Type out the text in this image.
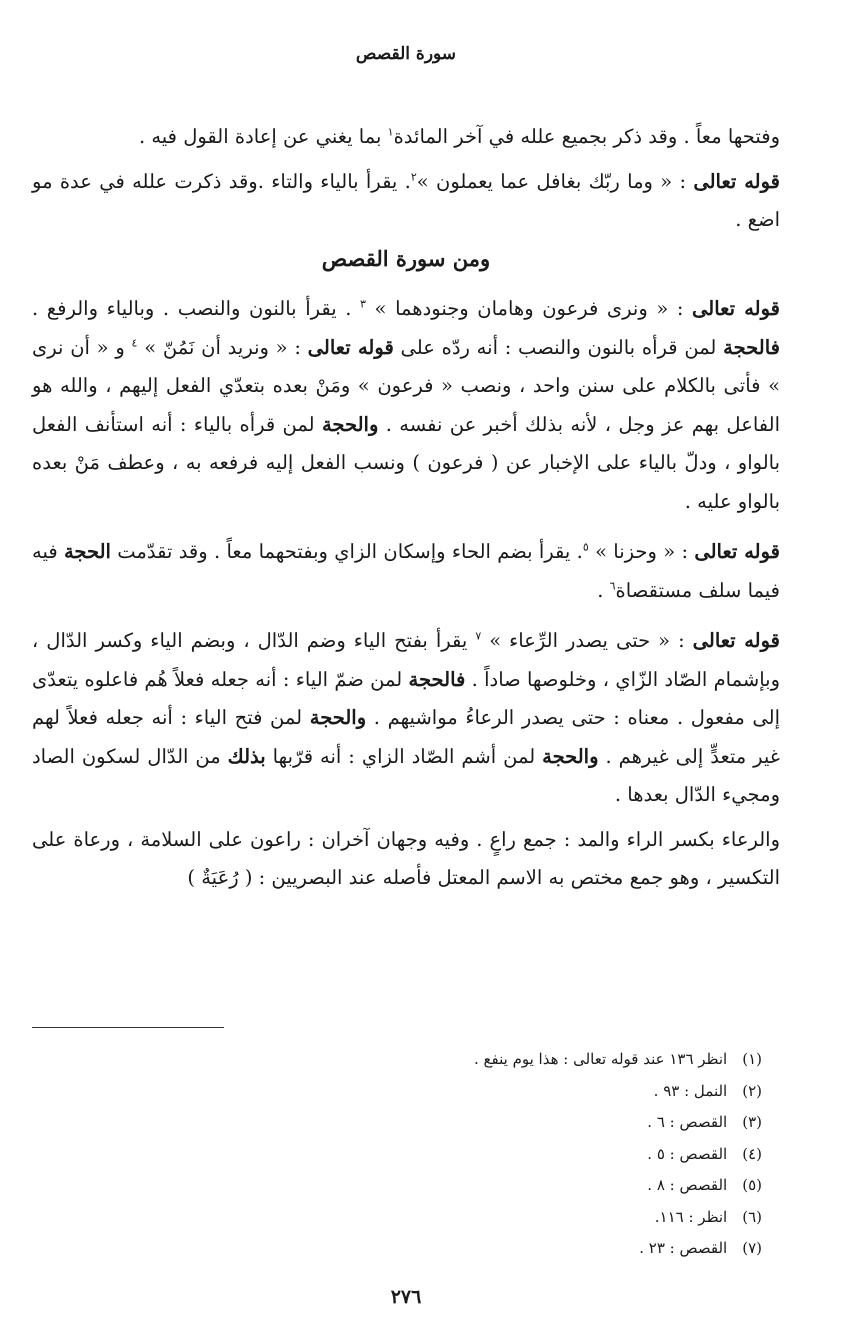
سورة القصص

وفتحها معاً . وقد ذكر بجميع علله في آخر المائدة$^١$ بما يغني عن إعادة القول فيه .

قوله تعالى : « وما ربّك بغافل عما يعملون »$^٢$. يقرأ بالياء والتاء .وقد ذكرت علله في عدة مو اضع .

ومن سورة القصص

قوله تعالى : « ونرى فرعون وهامان وجنودهما » $^٣$ . يقرأ بالنون والنصب . وبالياء والرفع . فالحجة لمن قرأه بالنون والنصب : أنه ردّه على قوله تعالى : « ونريد أن نَمُنّ » $^٤$ و « أن نرى » فأتى بالكلام على سنن واحد ، ونصب « فرعون » ومَنْ بعده بتعدّي الفعل إليهم ، والله هو الفاعل بهم عز وجل ، لأنه بذلك أخبر عن نفسه . والحجة لمن قرأه بالياء : أنه استأنف الفعل بالواو ، ودلّ بالياء على الإخبار عن ( فرعون ) ونسب الفعل إليه فرفعه به ، وعطف مَنْ بعده بالواو عليه .

قوله تعالى : « وحزنا » $^٥$. يقرأ بضم الحاء وإسكان الزاي وبفتحهما معاً . وقد تقدّمت الحجة فيه فيما سلف مستقصاة$^٦$ .

قوله تعالى : « حتى يصدر الرِّعاء » $^٧$ يقرأ بفتح الياء وضم الدّال ، وبضم الياء وكسر الدّال ، وبإشمام الصّاد الزّاي ، وخلوصها صاداً . فالحجة لمن ضمّ الياء : أنه جعله فعلاً هُم فاعلوه يتعدّى إلى مفعول . معناه : حتى يصدر الرعاءُ مواشيهم . والحجة لمن فتح الياء : أنه جعله فعلاً لهم غير متعدٍّ إلى غيرهم . والحجة لمن أشم الصّاد الزاي : أنه قرّبها بذلك من الدّال لسكون الصاد ومجيء الدّال بعدها .

والرعاء بكسر الراء والمد : جمع راعٍ . وفيه وجهان آخران : راعون على السلامة ، ورعاة على التكسير ، وهو جمع مختص به الاسم المعتل فأصله عند البصريين : ( رُعَيَةٌ )

(١) انظر ١٣٦ عند قوله تعالى : هذا يوم ينفع .
(٢) النمل : ٩٣ .
(٣) القصص : ٦ .
(٤) القصص : ٥ .
(٥) القصص : ٨ .
(٦) انظر : ١١٦.
(٧) القصص : ٢٣ .
٢٧٦
